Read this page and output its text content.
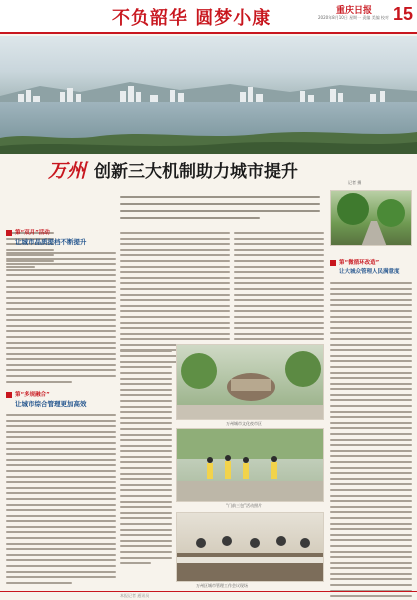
不负韶华 圆梦小康	重庆日报
2020年8月10日 星期一 责编 美编 校对 15
万州 创新三大机制助力城市提升
记者 摄
第“双月”活动
让城市品质提档不断提升
第“多规融合”
让城市综合管理更加高效
万州城市文化夜市区
“门前三包”活动照片
万州区城市管理工作会议现场
第“微循环改造”
让大城众管理人民满意度
本报记者 通讯员
